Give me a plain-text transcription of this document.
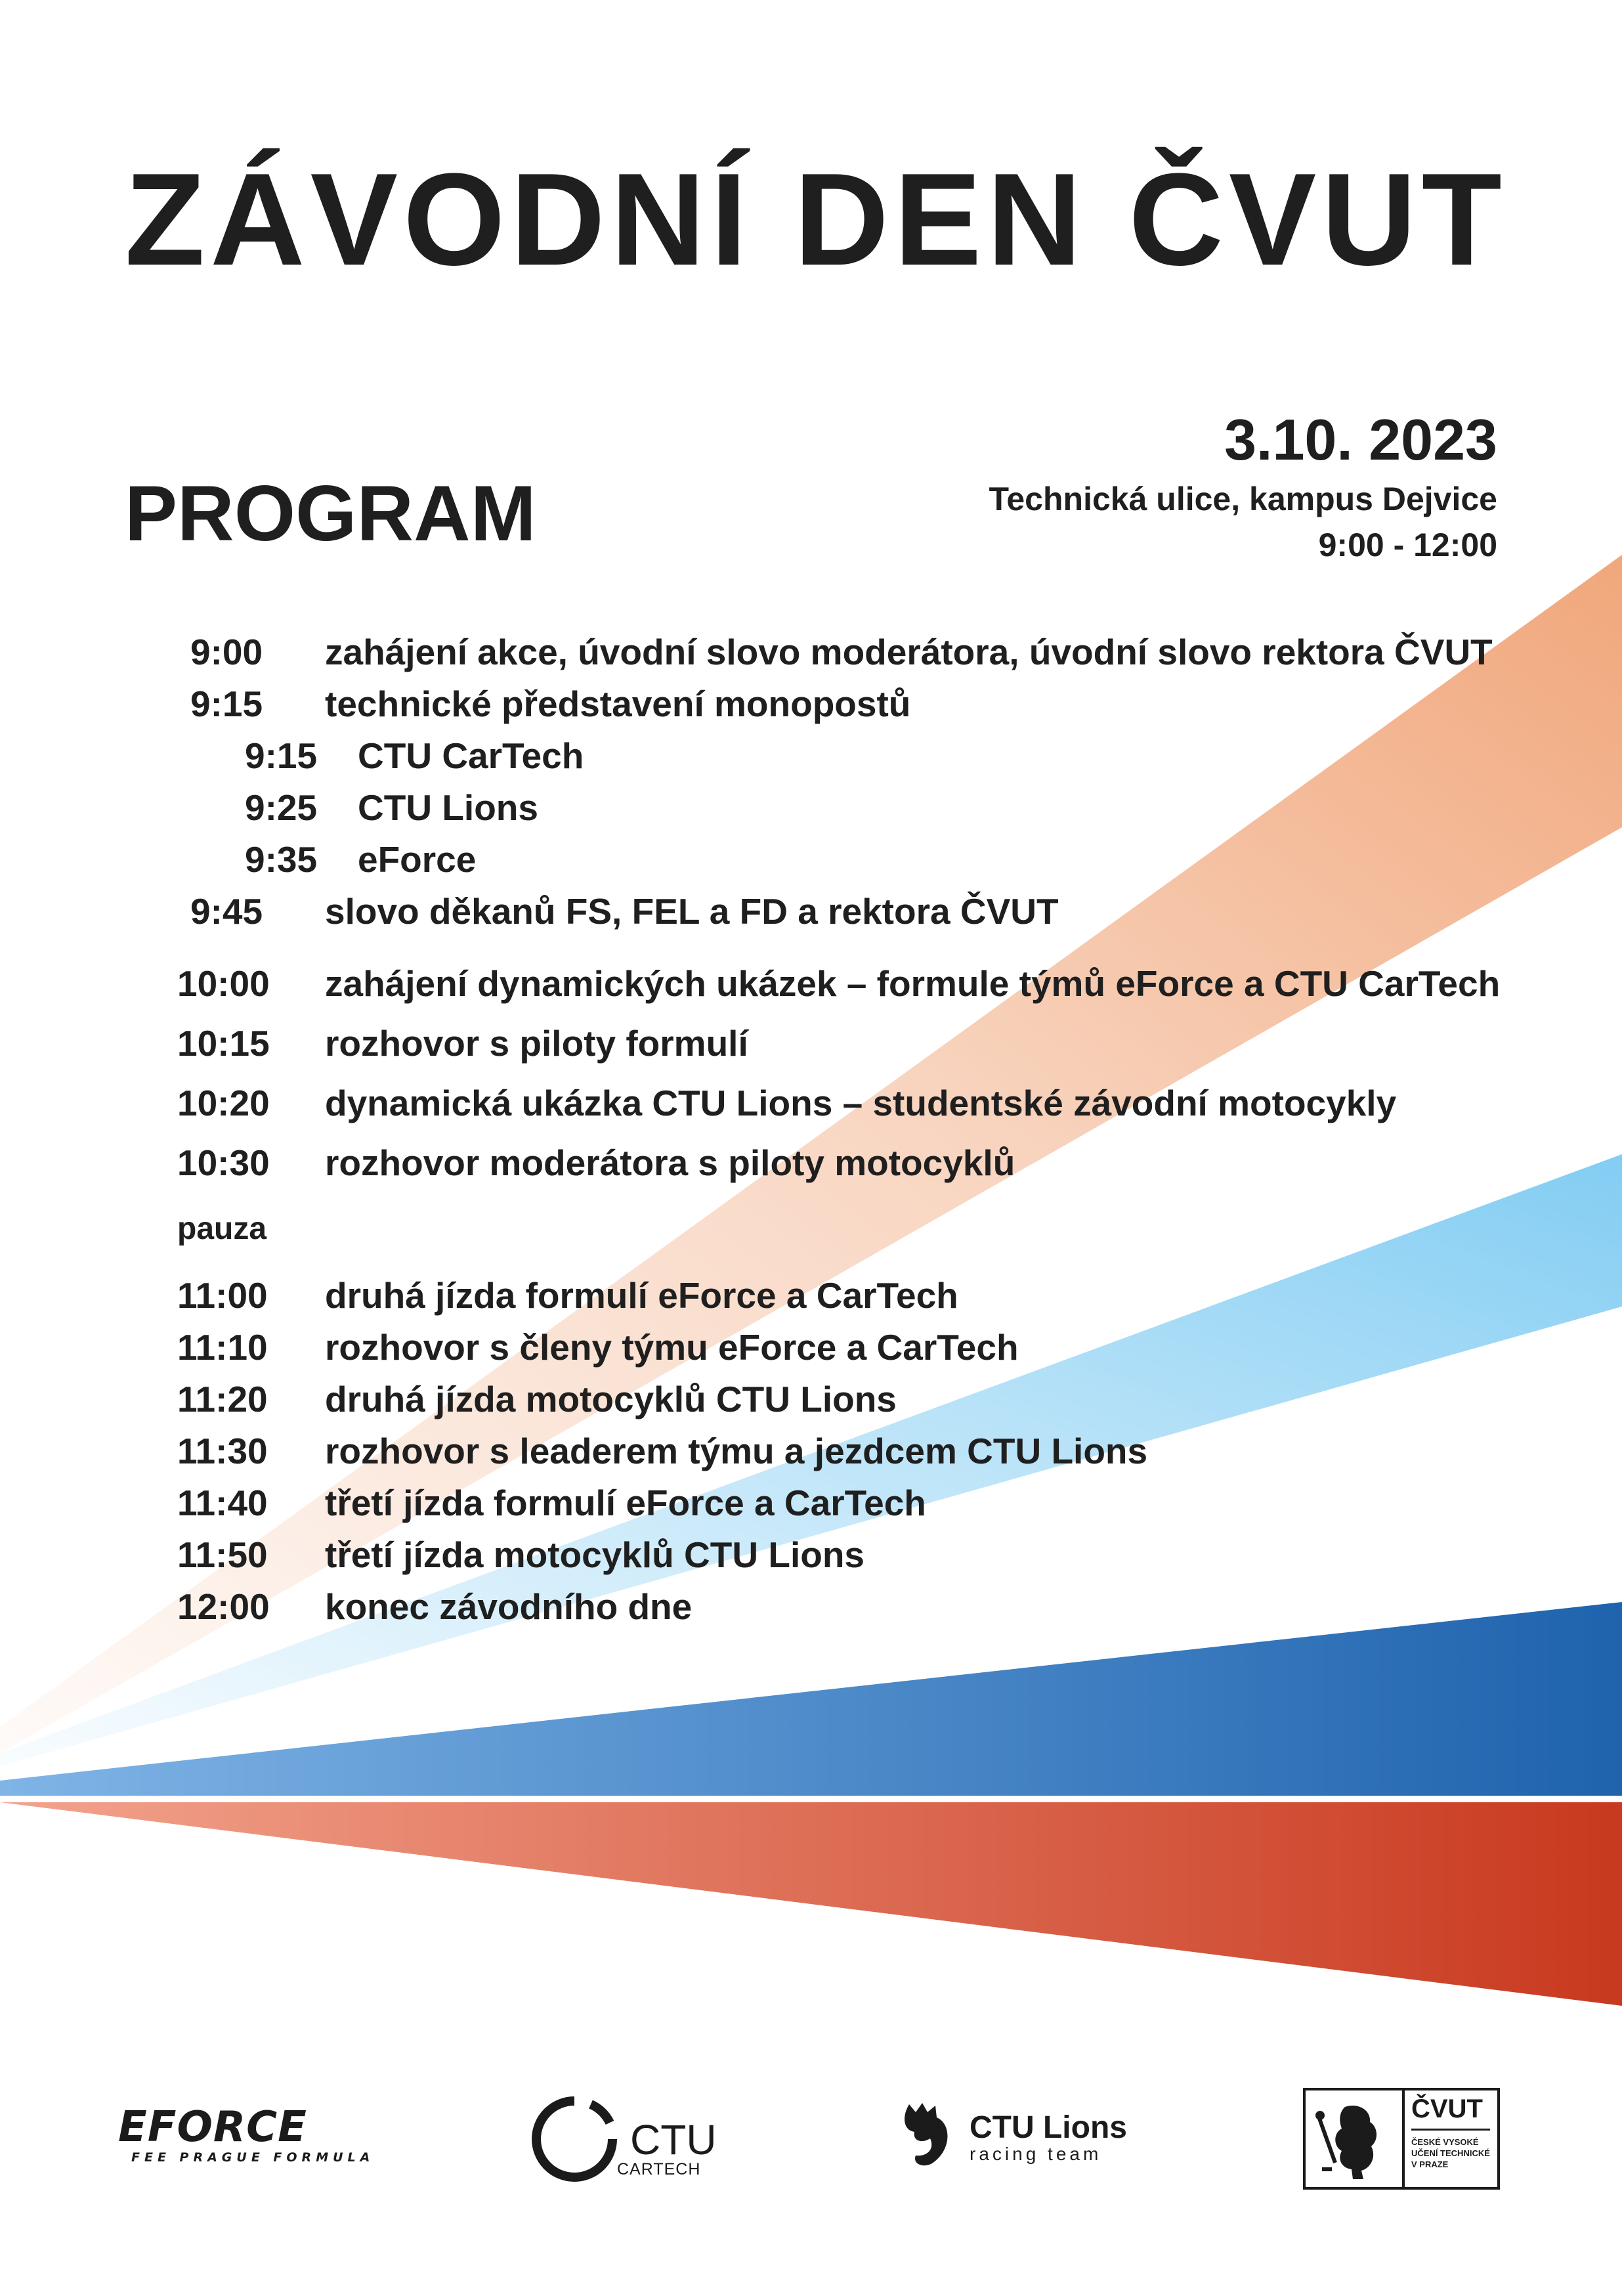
ZÁVODNÍ DEN ČVUT
PROGRAM
3.10. 2023
Technická ulice, kampus Dejvice
9:00 - 12:00
9:00 zahájení akce, úvodní slovo moderátora, úvodní slovo rektora ČVUT
9:15 technické představení monopostů
9:15 CTU CarTech
9:25 CTU Lions
9:35 eForce
9:45 slovo děkanů FS, FEL a FD a rektora ČVUT
10:00 zahájení dynamických ukázek – formule týmů eForce a CTU CarTech
10:15 rozhovor s piloty formulí
10:20 dynamická ukázka CTU Lions – studentské závodní motocykly
10:30 rozhovor moderátora s piloty motocyklů
pauza
11:00 druhá jízda formulí eForce a CarTech
11:10 rozhovor s členy týmu eForce a CarTech
11:20 druhá jízda motocyklů CTU Lions
11:30 rozhovor s leaderem týmu a jezdcem CTU Lions
11:40 třetí jízda formulí eForce a CarTech
11:50 třetí jízda motocyklů CTU Lions
12:00 konec závodního dne
EFORCE
FEE PRAGUE FORMULA	CTU
CARTECH
CTU Lions
racing team
ČVUT
ČESKÉ VYSOKÉ UČENÍ TECHNICKÉ V PRAZE
